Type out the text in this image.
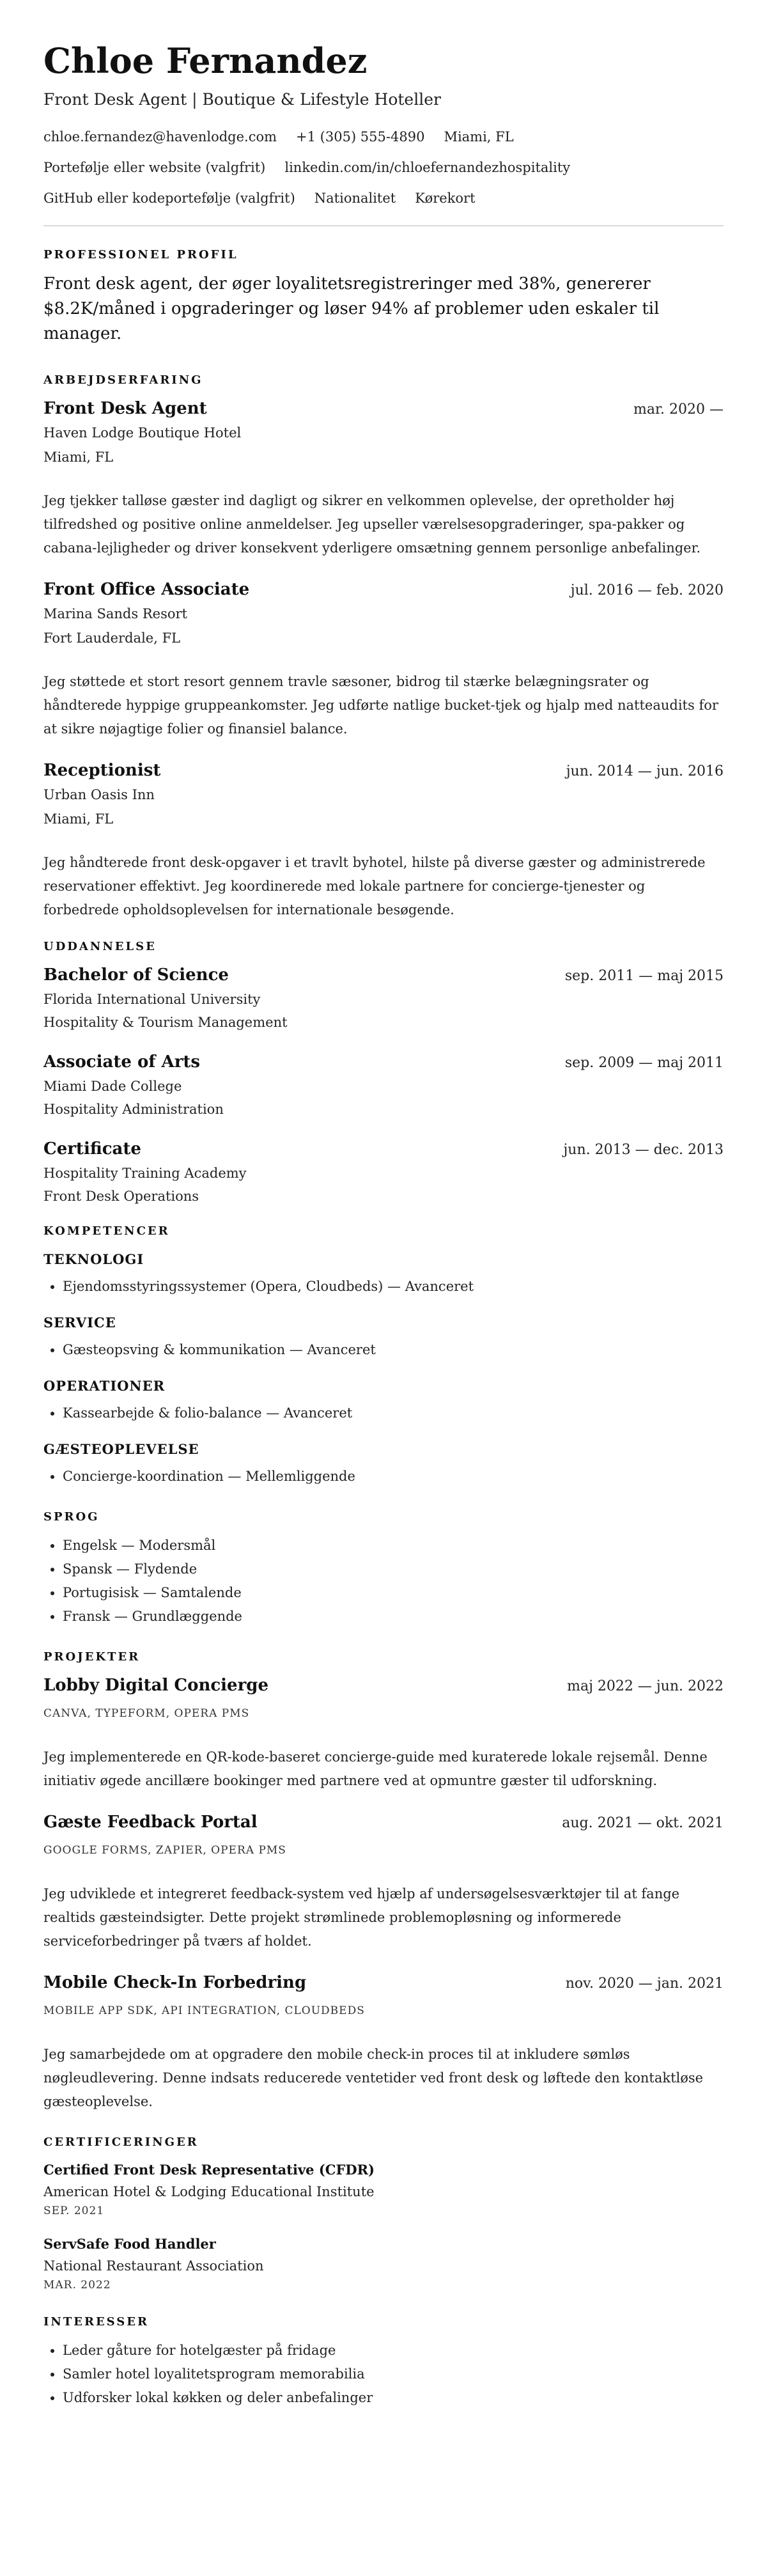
Chloe Fernandez
Front Desk Agent | Boutique & Lifestyle Hoteller
chloe.fernandez@havenlodge.com +1 (305) 555-4890 Miami, FL
Portefølje eller website (valgfrit) linkedin.com/in/chloefernandezhospitality
GitHub eller kodeportefølje (valgfrit) Nationalitet Kørekort
PROFESSIONEL PROFIL
Front desk agent, der øger loyalitetsregistreringer med 38%, genererer $8.2K/måned i opgraderinger og løser 94% af problemer uden eskaler til manager.
ARBEJDSERFARING
Front Desk Agent	mar. 2020 —
Haven Lodge Boutique Hotel
Miami, FL
Jeg tjekker talløse gæster ind dagligt og sikrer en velkommen oplevelse, der opretholder høj tilfredshed og positive online anmeldelser. Jeg upseller værelsesopgraderinger, spa-pakker og cabana-lejligheder og driver konsekvent yderligere omsætning gennem personlige anbefalinger.
Front Office Associate	jul. 2016 — feb. 2020
Marina Sands Resort
Fort Lauderdale, FL
Jeg støttede et stort resort gennem travle sæsoner, bidrog til stærke belægningsrater og håndterede hyppige gruppeankomster. Jeg udførte natlige bucket-tjek og hjalp med natteaudits for at sikre nøjagtige folier og finansiel balance.
Receptionist	jun. 2014 — jun. 2016
Urban Oasis Inn
Miami, FL
Jeg håndterede front desk-opgaver i et travlt byhotel, hilste på diverse gæster og administrerede reservationer effektivt. Jeg koordinerede med lokale partnere for concierge-tjenester og forbedrede opholdsoplevelsen for internationale besøgende.
UDDANNELSE
Bachelor of Science	sep. 2011 — maj 2015
Florida International University
Hospitality & Tourism Management
Associate of Arts	sep. 2009 — maj 2011
Miami Dade College
Hospitality Administration
Certificate	jun. 2013 — dec. 2013
Hospitality Training Academy
Front Desk Operations
KOMPETENCER
TEKNOLOGI
• Ejendomsstyringssystemer (Opera, Cloudbeds) — Avanceret
SERVICE
• Gæsteopsving & kommunikation — Avanceret
OPERATIONER
• Kassearbejde & folio-balance — Avanceret
GÆSTEOPLEVELSE
• Concierge-koordination — Mellemliggende
SPROG
• Engelsk — Modersmål
• Spansk — Flydende
• Portugisisk — Samtalende
• Fransk — Grundlæggende
PROJEKTER
Lobby Digital Concierge	maj 2022 — jun. 2022
CANVA, TYPEFORM, OPERA PMS
Jeg implementerede en QR-kode-baseret concierge-guide med kuraterede lokale rejsemål. Denne initiativ øgede ancillære bookinger med partnere ved at opmuntre gæster til udforskning.
Gæste Feedback Portal	aug. 2021 — okt. 2021
GOOGLE FORMS, ZAPIER, OPERA PMS
Jeg udviklede et integreret feedback-system ved hjælp af undersøgelsesværktøjer til at fange realtids gæsteindsigter. Dette projekt strømlinede problemopløsning og informerede serviceforbedringer på tværs af holdet.
Mobile Check-In Forbedring	nov. 2020 — jan. 2021
MOBILE APP SDK, API INTEGRATION, CLOUDBEDS
Jeg samarbejdede om at opgradere den mobile check-in proces til at inkludere sømløs nøgleudlevering. Denne indsats reducerede ventetider ved front desk og løftede den kontaktløse gæsteoplevelse.
CERTIFICERINGER
Certified Front Desk Representative (CFDR)
American Hotel & Lodging Educational Institute
SEP. 2021
ServSafe Food Handler
National Restaurant Association
MAR. 2022
INTERESSER
• Leder gåture for hotelgæster på fridage
• Samler hotel loyalitetsprogram memorabilia
• Udforsker lokal køkken og deler anbefalinger
